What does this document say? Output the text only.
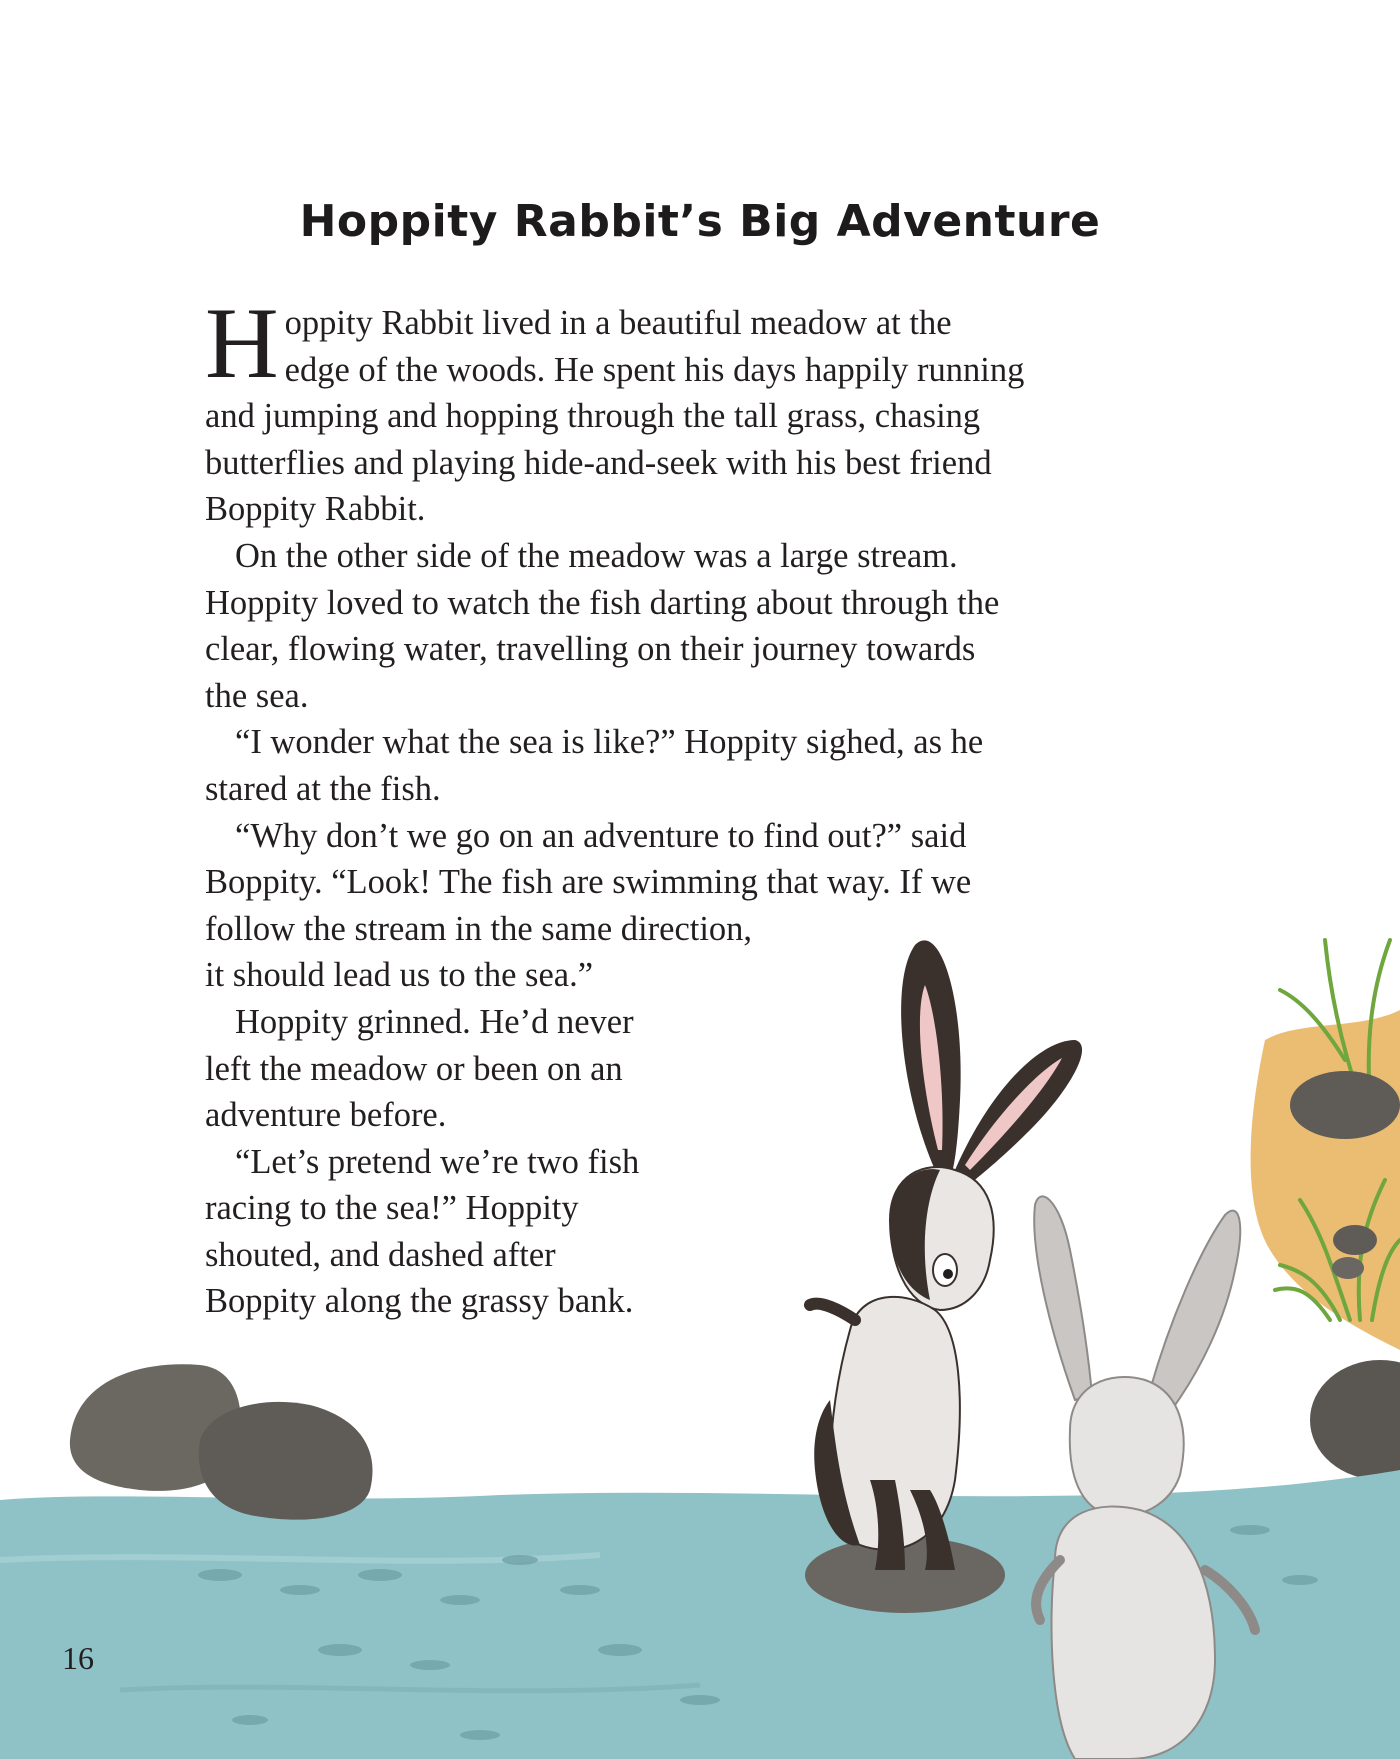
Hoppity Rabbit’s Big Adventure

Hoppity Rabbit lived in a beautiful meadow at the
edge of the woods. He spent his days happily running
and jumping and hopping through the tall grass, chasing
butterflies and playing hide-and-seek with his best friend
Boppity Rabbit.

On the other side of the meadow was a large stream.
Hoppity loved to watch the fish darting about through the
clear, flowing water, travelling on their journey towards
the sea.

“I wonder what the sea is like?” Hoppity sighed, as he
stared at the fish.

“Why don’t we go on an adventure to find out?” said
Boppity. “Look! The fish are swimming that way. If we
follow the stream in the same direction,
it should lead us to the sea.”

Hoppity grinned. He’d never
left the meadow or been on an
adventure before.

“Let’s pretend we’re two fish
racing to the sea!” Hoppity
shouted, and dashed after
Boppity along the grassy bank.

16
